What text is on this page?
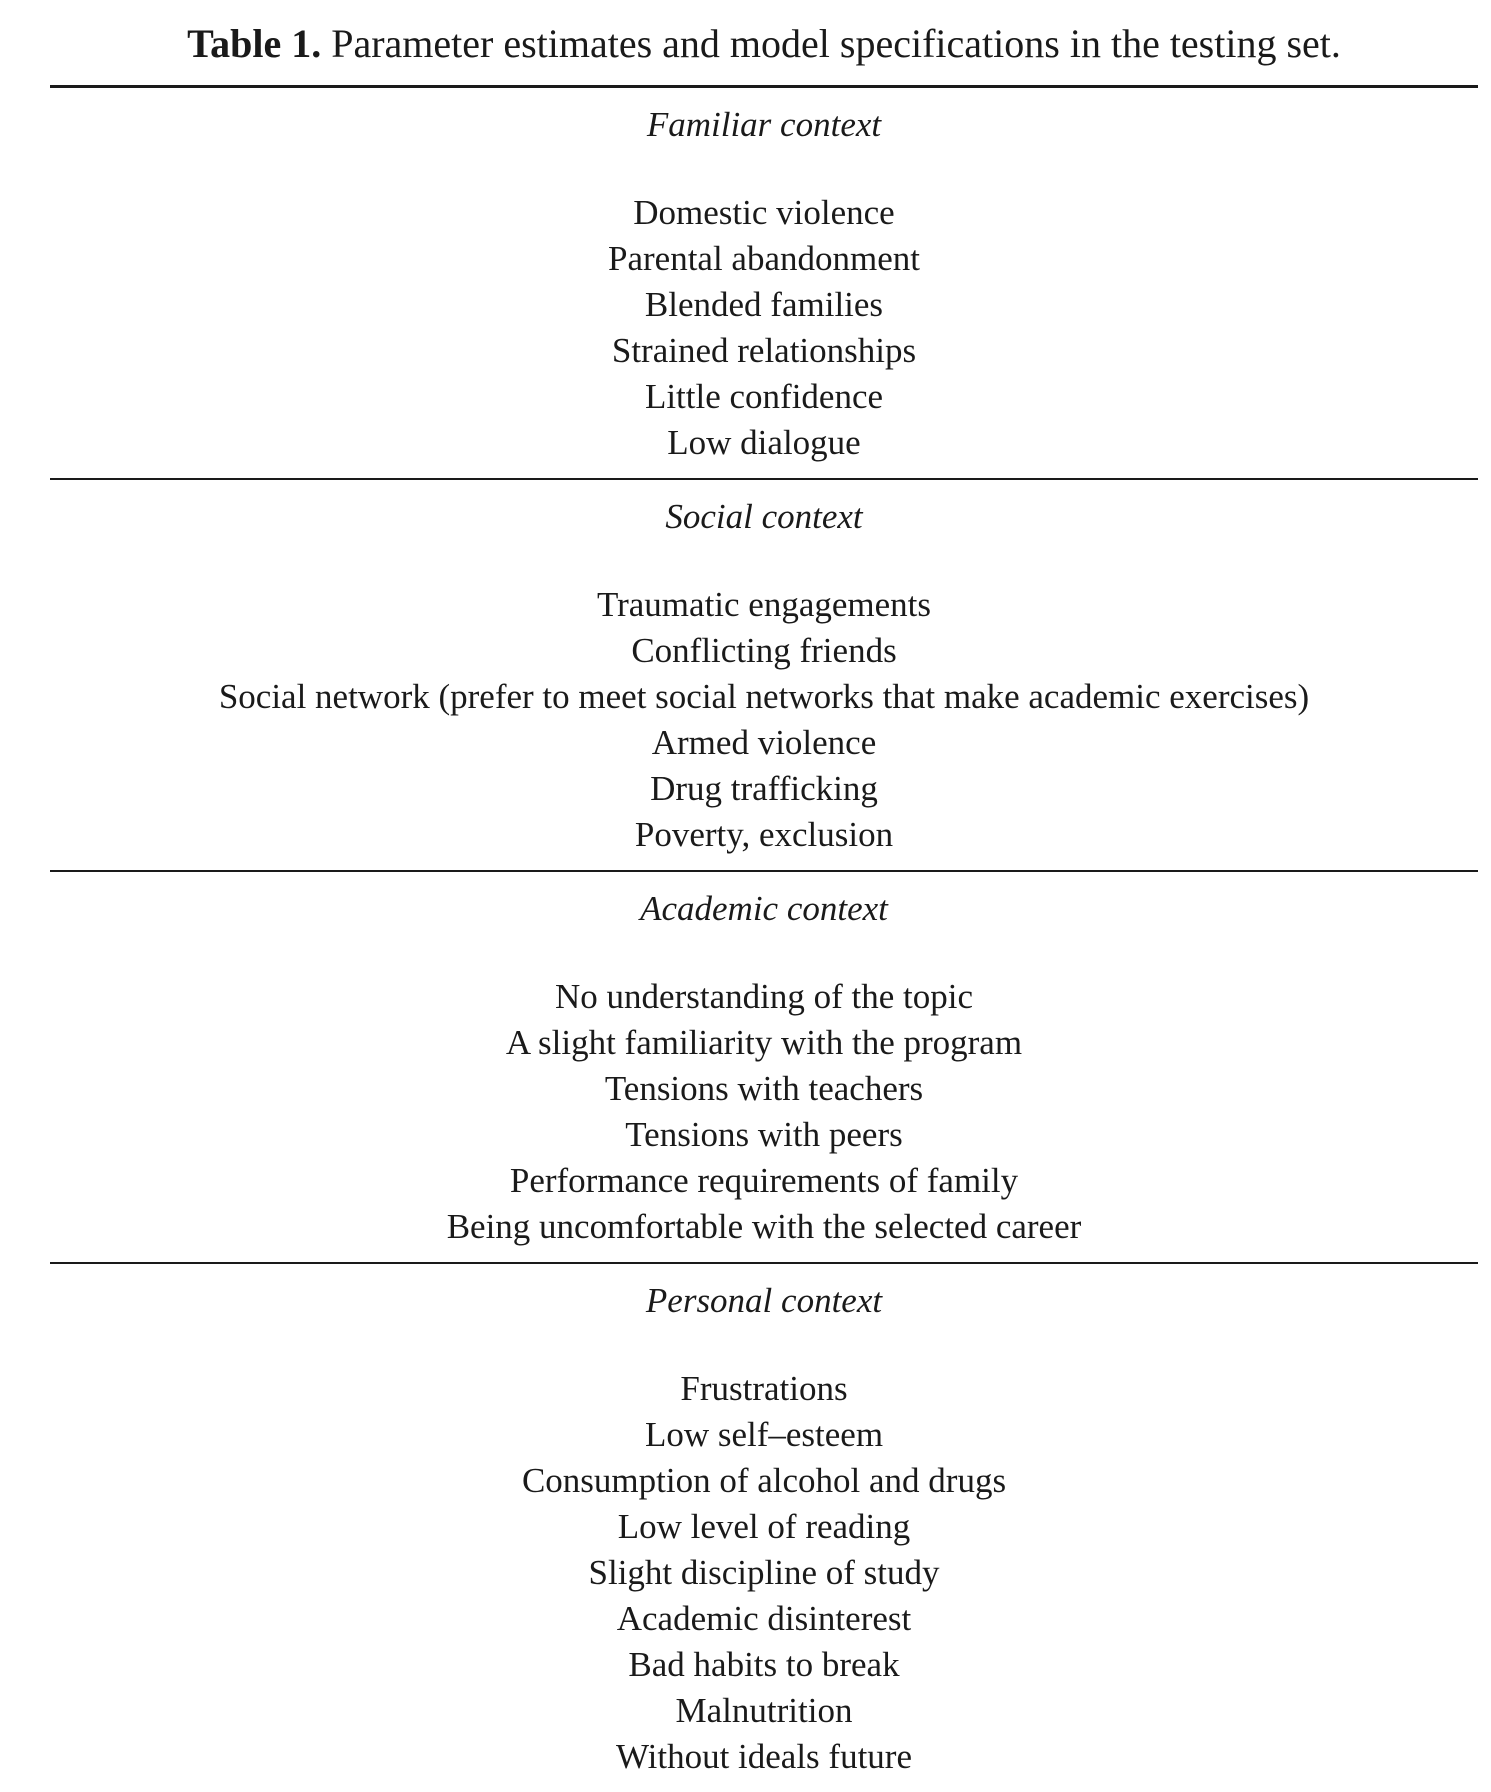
Table 1. Parameter estimates and model specifications in the testing set.
Familiar context
Domestic violence
Parental abandonment
Blended families
Strained relationships
Little confidence
Low dialogue
Social context
Traumatic engagements
Conflicting friends
Social network (prefer to meet social networks that make academic exercises)
Armed violence
Drug trafficking
Poverty, exclusion
Academic context
No understanding of the topic
A slight familiarity with the program
Tensions with teachers
Tensions with peers
Performance requirements of family
Being uncomfortable with the selected career
Personal context
Frustrations
Low self–esteem
Consumption of alcohol and drugs
Low level of reading
Slight discipline of study
Academic disinterest
Bad habits to break
Malnutrition
Without ideals future
